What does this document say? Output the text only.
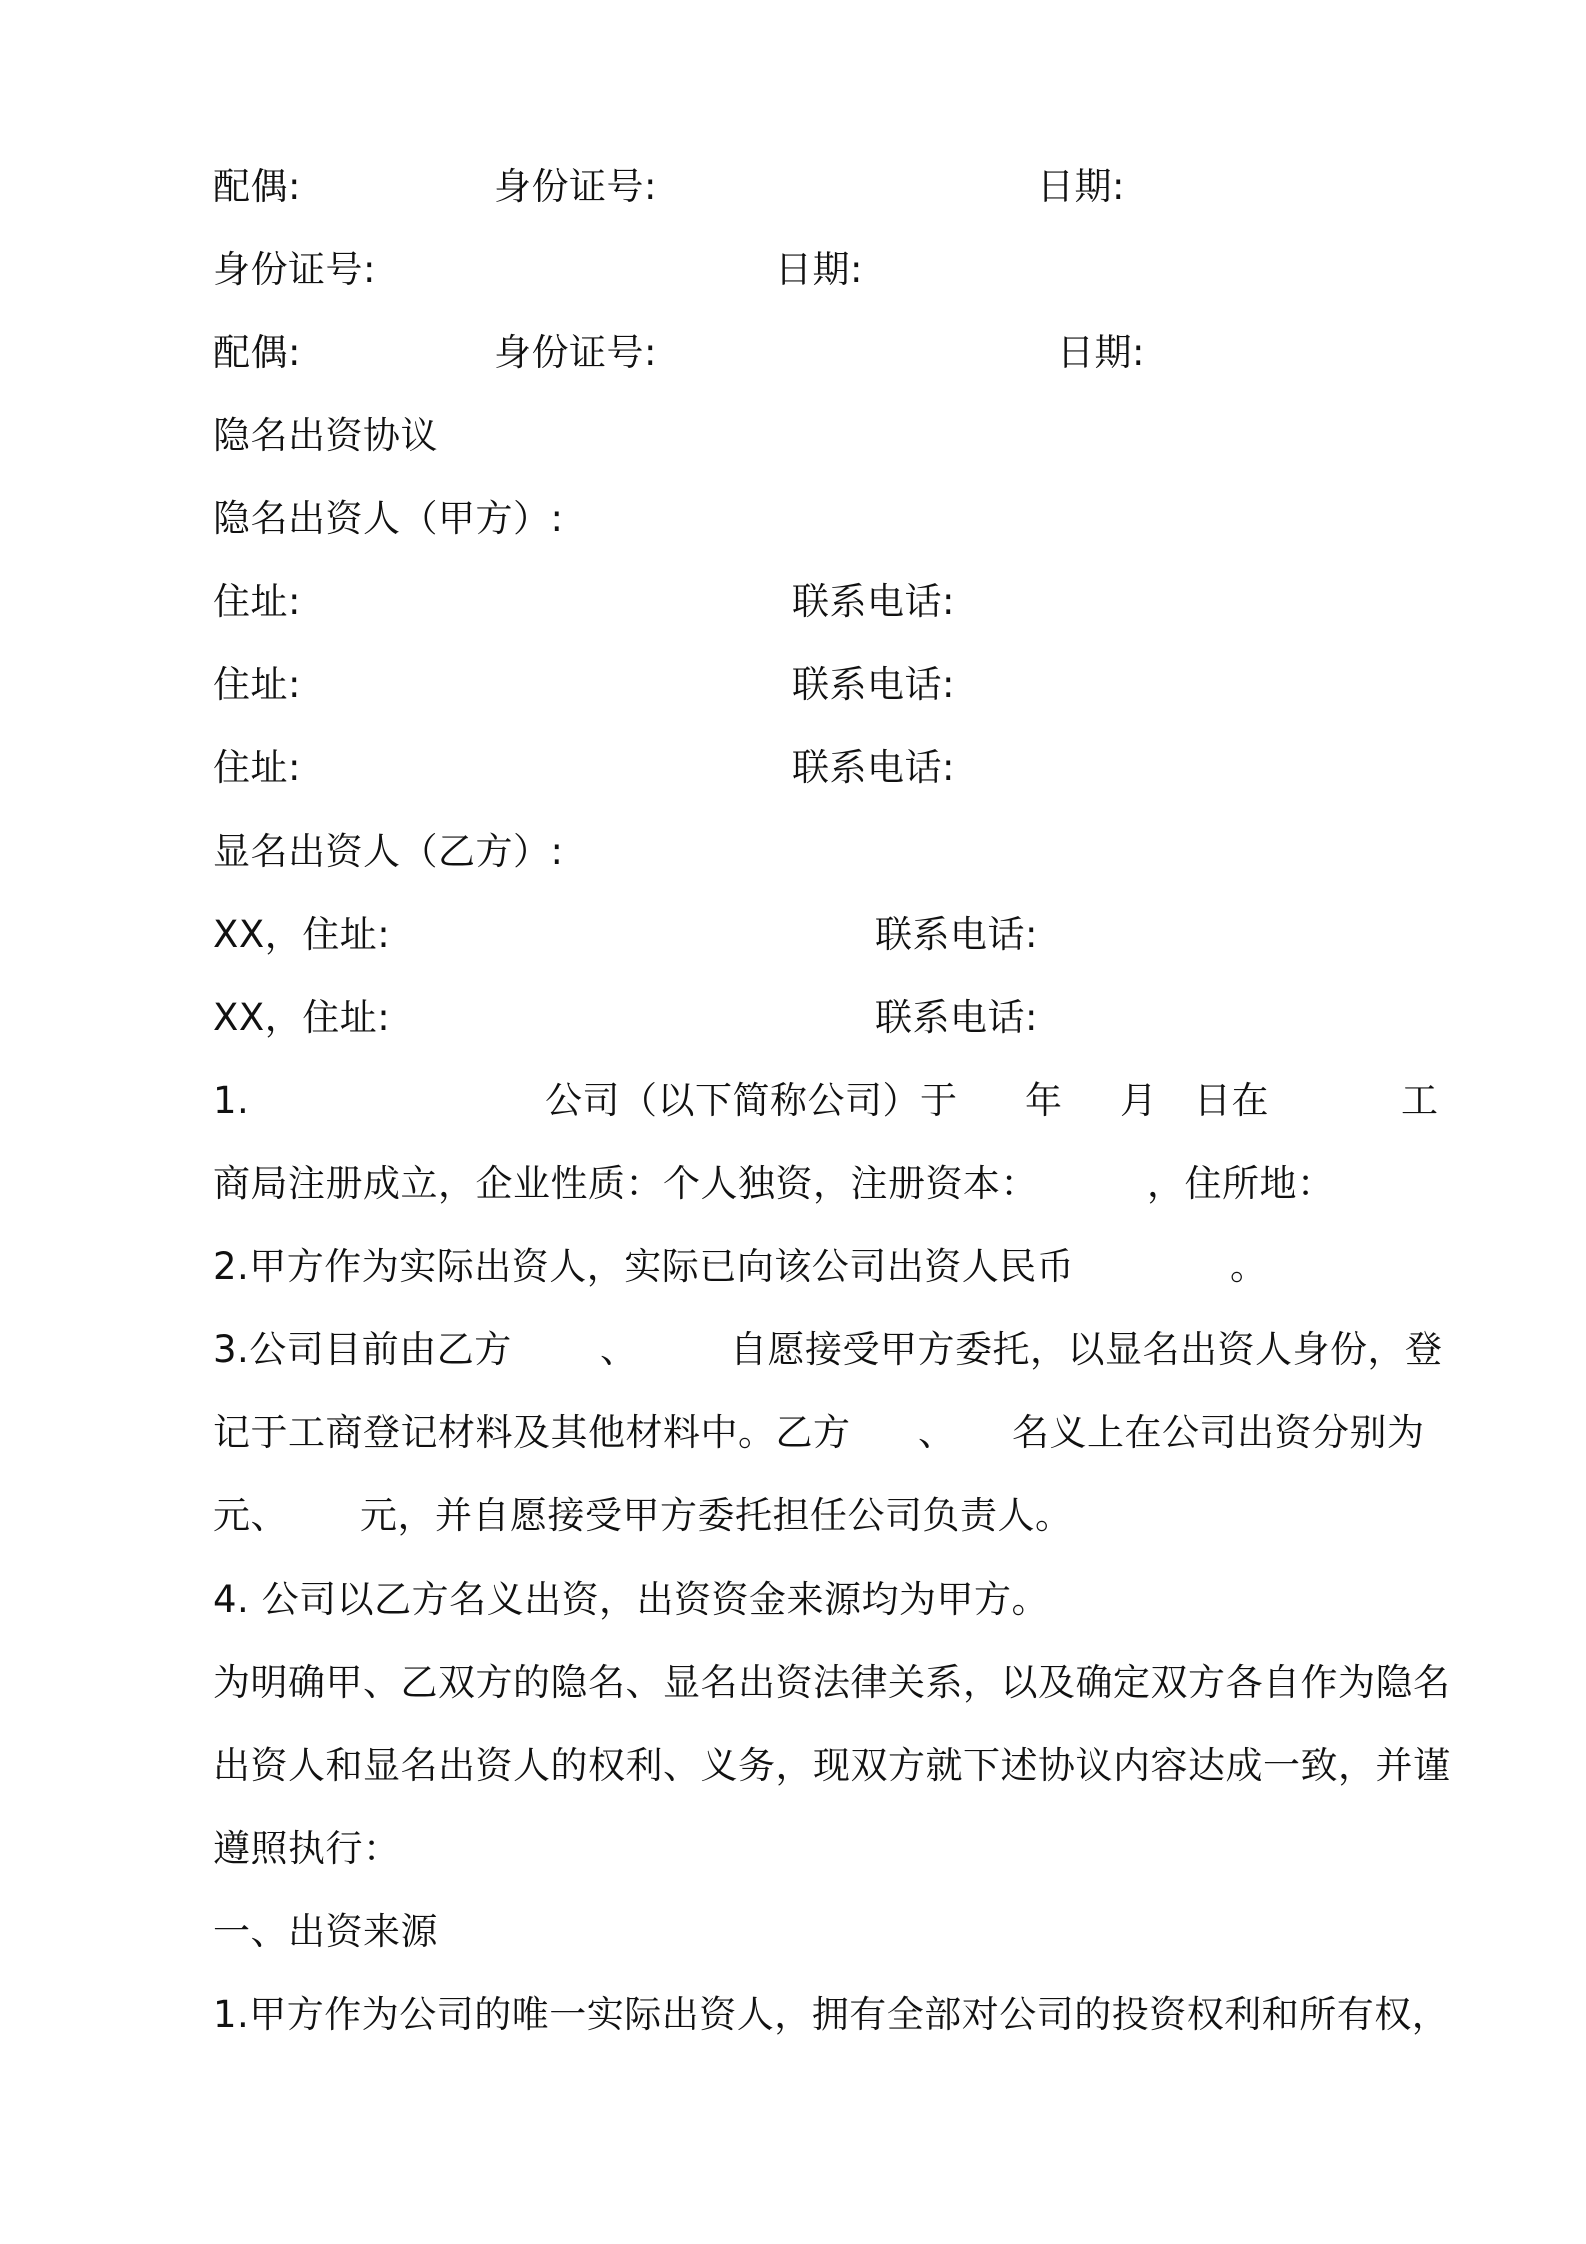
配偶:	身份证号:	日期:
身份证号:	日期:
配偶:	身份证号:	日期:
隐名出资协议
隐名出资人（甲方）:
住址:	联系电话:
住址:	联系电话:
住址:	联系电话:
显名出资人（乙方）:
XX，住址:	联系电话:
XX，住址:	联系电话:
1.	公司（以下简称公司）于 年 月 日在	工
商局注册成立，企业性质：个人独资，注册资本：	，住所地：
2.甲方作为实际出资人，实际已向该公司出资人民币	。
3.公司目前由乙方 、	自愿接受甲方委托，以显名出资人身份，登
记于工商登记材料及其他材料中。乙方 、 名义上在公司出资分别为
元、 元，并自愿接受甲方委托担任公司负责人。
4. 公司以乙方名义出资，出资资金来源均为甲方。
为明确甲、乙双方的隐名、显名出资法律关系，以及确定双方各自作为隐名
出资人和显名出资人的权利、义务，现双方就下述协议内容达成一致，并谨
遵照执行：
一、出资来源
1.甲方作为公司的唯一实际出资人，拥有全部对公司的投资权利和所有权，
